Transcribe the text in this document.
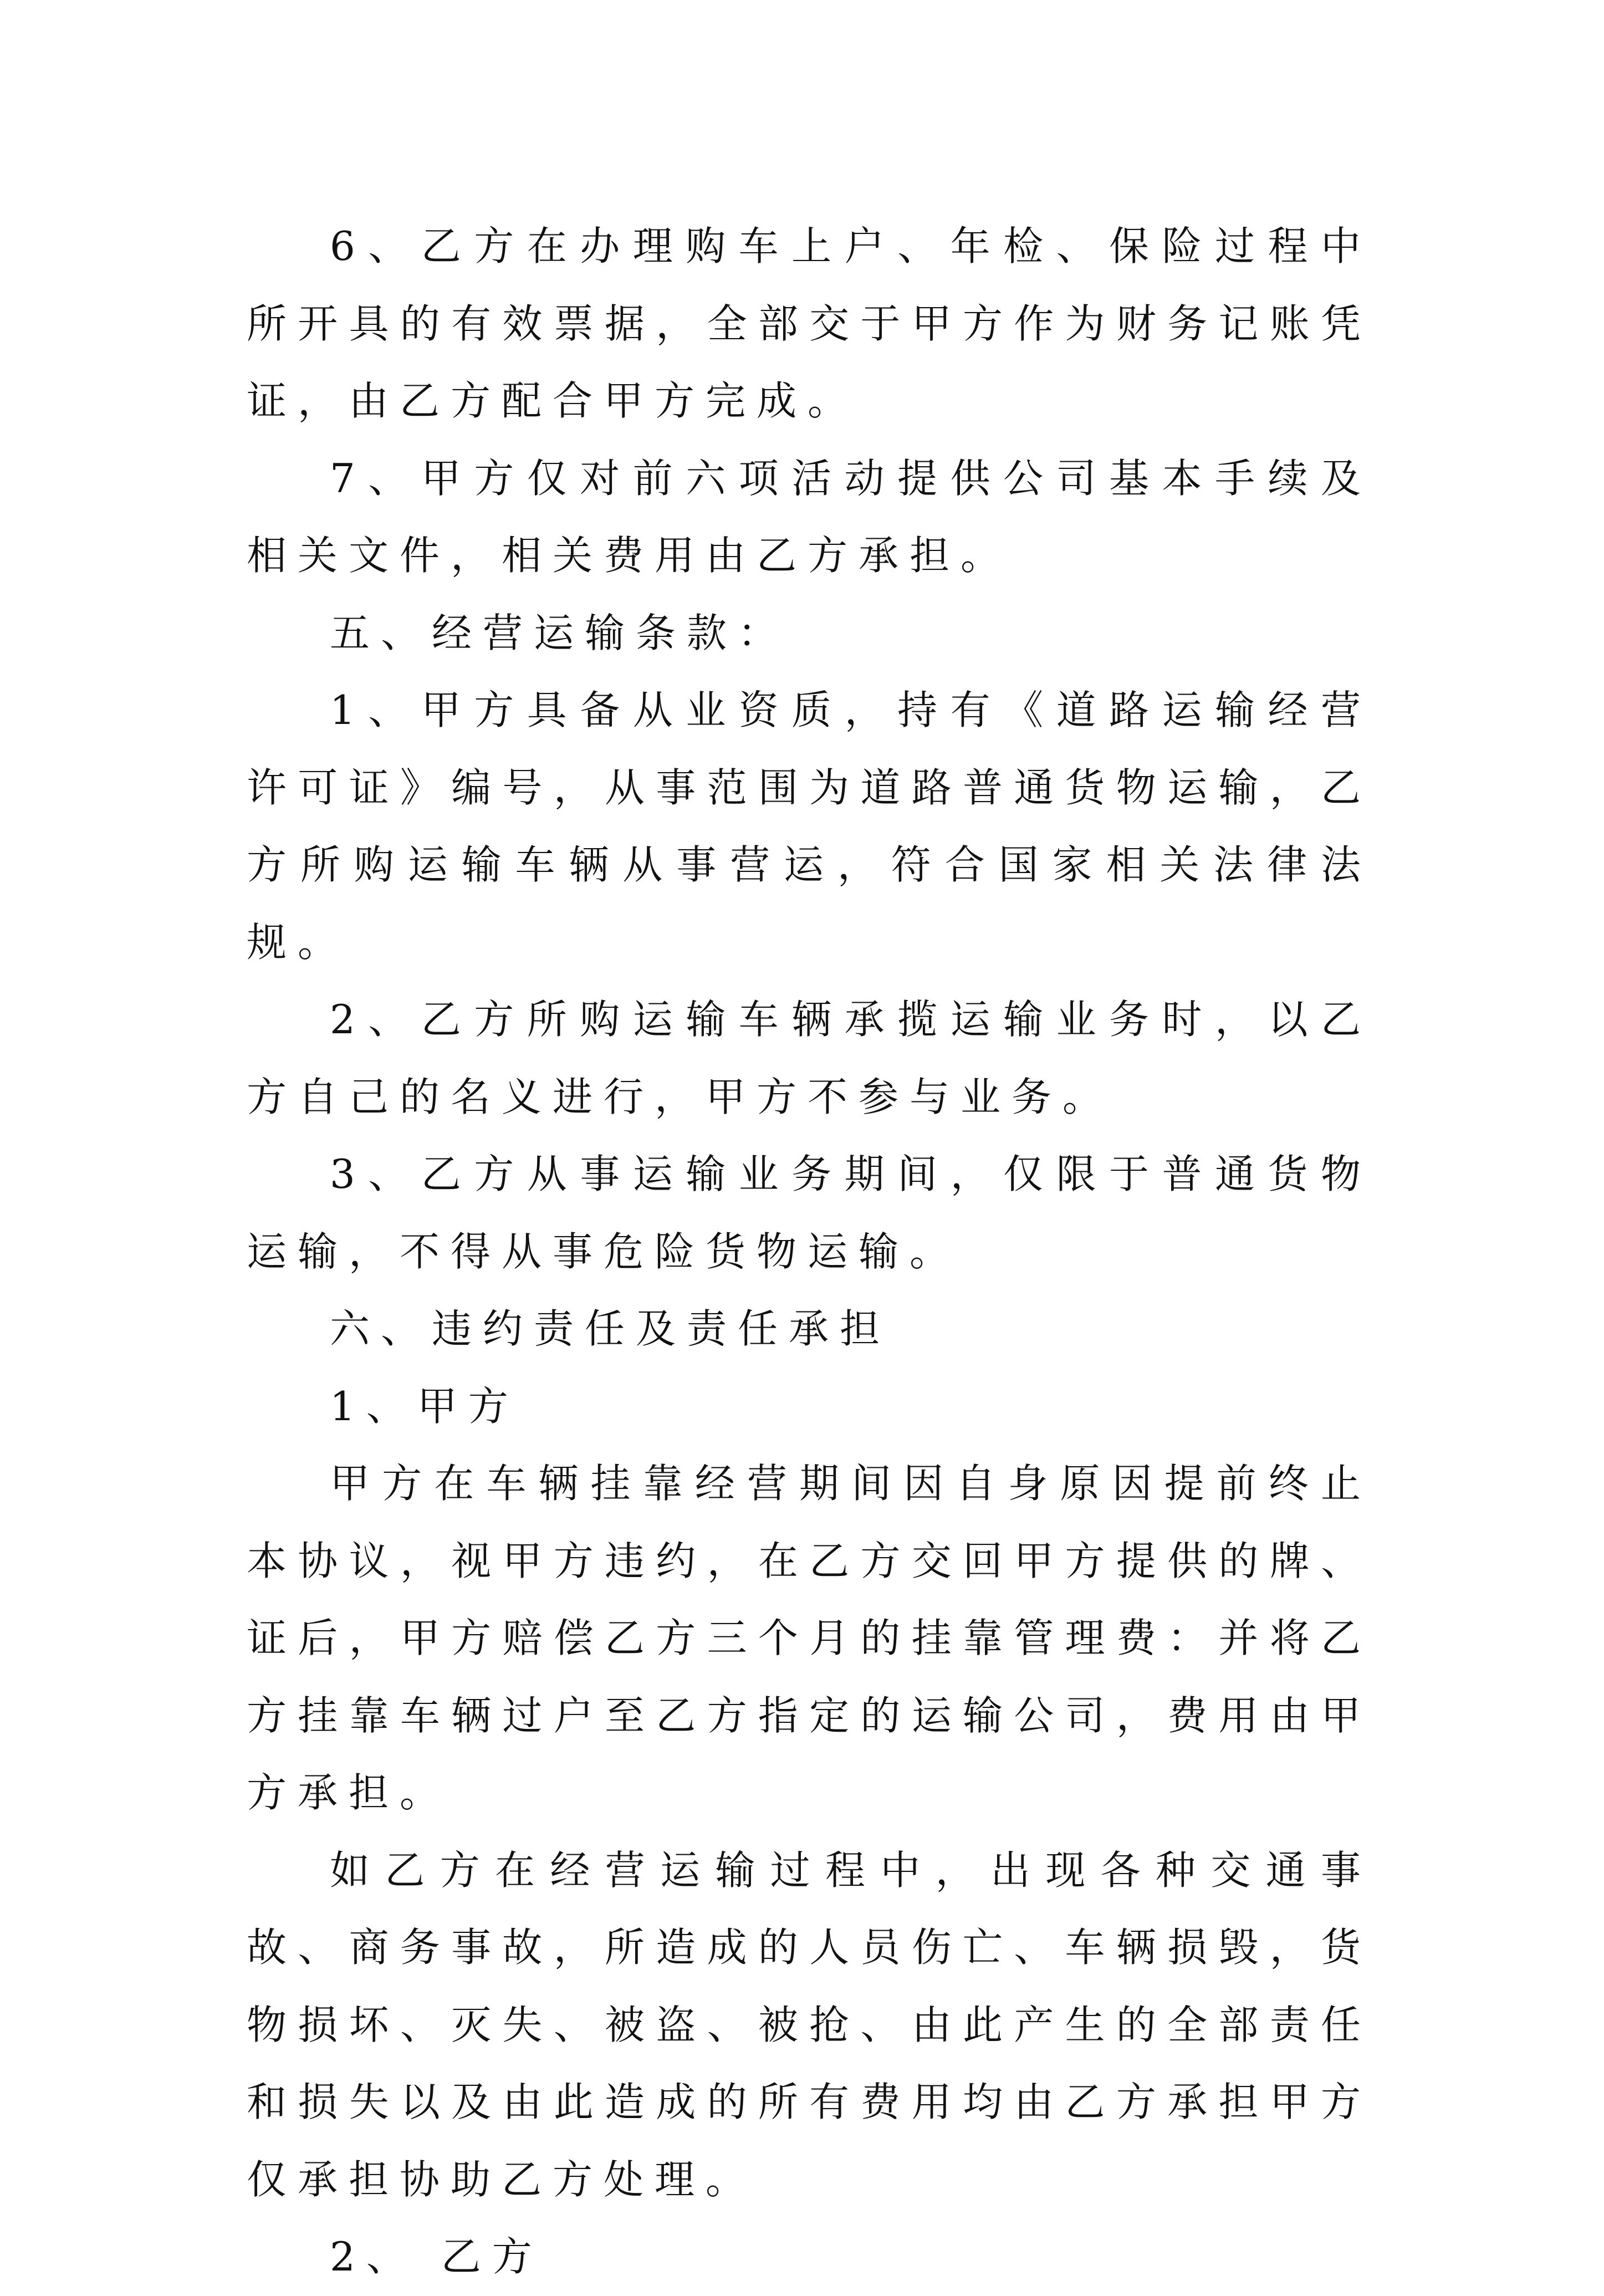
6、乙方在办理购车上户、年检、保险过程中所开具的有效票据，全部交于甲方作为财务记账凭证，由乙方配合甲方完成。

7、甲方仅对前六项活动提供公司基本手续及相关文件，相关费用由乙方承担。

五、经营运输条款：

1、甲方具备从业资质，持有《道路运输经营许可证》编号，从事范围为道路普通货物运输，乙方所购运输车辆从事营运，符合国家相关法律法规。

2、乙方所购运输车辆承揽运输业务时，以乙方自己的名义进行，甲方不参与业务。

3、乙方从事运输业务期间，仅限于普通货物运输，不得从事危险货物运输。

六、违约责任及责任承担

1、甲方

甲方在车辆挂靠经营期间因自身原因提前终止本协议，视甲方违约，在乙方交回甲方提供的牌、证后，甲方赔偿乙方三个月的挂靠管理费：并将乙方挂靠车辆过户至乙方指定的运输公司，费用由甲方承担。

如乙方在经营运输过程中，出现各种交通事故、商务事故，所造成的人员伤亡、车辆损毁，货物损坏、灭失、被盗、被抢、由此产生的全部责任和损失以及由此造成的所有费用均由乙方承担甲方仅承担协助乙方处理。

2、 乙方
